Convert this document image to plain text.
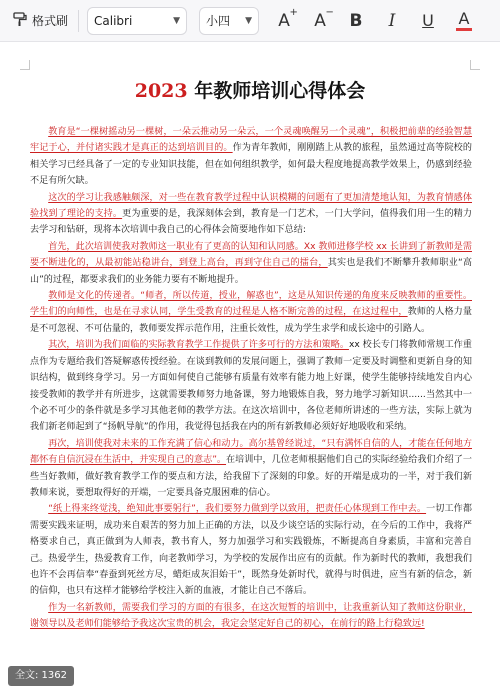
格式刷 Calibri	▼ 小四 ▼ A + A − B I U A
2023 年教师培训心得体会

教育是“一棵树摇动另一棵树，一朵云推动另一朵云，一个灵魂唤醒另一个灵魂”，积极把前辈的经验智慧牢记于心，并付诸实践才是真正的达到培训目的。作为青年教师，刚刚踏上从教的旅程，虽然通过高等院校的相关学习已经具备了一定的专业知识技能，但在如何组织教学，如何最大程度地提高教学效果上，仍感到经验不足有所欠缺。

这次的学习让我感触颇深，对一些在教育教学过程中认识模糊的问题有了更加清楚地认知，为教育情感体验找到了理论的支持。更为重要的是，我深刻体会到，教育是一门艺术，一门大学问，值得我们用一生的精力去学习和钻研，现将本次培训中我自己的心得体会简要地作如下总结:

首先，此次培训使我对教师这一职业有了更高的认知和认同感。Xx 教师进修学校 xx 长讲到了新教师是需要不断进化的，从最初能站稳讲台，到登上高台，再到守住自己的擂台，其实也是我们不断攀升教师职业“高山”的过程，都要求我们的业务能力要有不断地提升。

教师是文化的传递者。“师者，所以传道，授业，解惑也”，这是从知识传递的角度来反映教师的重要性。学生们的向师性，也是在寻求认同，学生受教育的过程是人格不断完善的过程，在这过程中，教师的人格力量是不可忽视、不可估量的，教师要发挥示范作用，注重长效性，成为学生求学和成长途中的引路人。

其次，培训为我们面临的实际教育教学工作提供了许多可行的方法和策略。xx 校长专门将教师常规工作重点作为专题给我们答疑解惑传授经验。在谈到教师的发展问题上，强调了教师一定要及时调整和更新自身的知识结构，做到终身学习。另一方面如何使自己能够有质量有效率有能力地上好课，使学生能够持续地发自内心接受教师的教学并有所进步，这就需要教师努力地备课，努力地锻炼自我，努力地学习新知识......当然其中一个必不可少的条件就是多学习其他老师的教学方法。在这次培训中，各位老师所讲述的一些方法，实际上就为我们新老师起到了“扬帆导航”的作用，我觉得包括我在内的所有新教师必须好好地吸收和采纳。

再次，培训使我对未来的工作充满了信心和动力。高尔基曾经说过，“只有满怀自信的人，才能在任何地方都怀有自信沉浸在生活中，并实现自己的意志”。在培训中，几位老师根据他们自己的实际经验给我们介绍了一些当好教师，做好教育教学工作的要点和方法，给我留下了深刻的印象。好的开端是成功的一半，对于我们新教师来说，要想取得好的开端，一定要具备克服困难的信心。

“纸上得来终觉浅，绝知此事要躬行”，我们要努力做到学以致用，把责任心体现到工作中去。一切工作都需要实践来证明，成功来自艰苦的努力加上正确的方法，以及少谈空话的实际行动，在今后的工作中，我将严格要求自己，真正做到为人师表，教书育人，努力加强学习和实践锻炼，不断提高自身素质，丰富和完善自己。热爱学生，热爱教育工作，向老教师学习，为学校的发展作出应有的贡献。作为新时代的教师，我想我们也许不会再信奉“春蚕到死丝方尽，蜡炬成灰泪始干”，既然身处新时代，就得与时俱进，应当有新的信念，新的信仰，也只有这样才能够给学校注入新的血液，才能让自己不落后。

作为一名新教师，需要我们学习的方面的有很多，在这次短暂的培训中，让我重新认知了教师这份职业，谢领导以及老师们能够给予我这次宝贵的机会，我定会坚定好自己的初心，在前行的路上行稳致远!

全文: 1362
